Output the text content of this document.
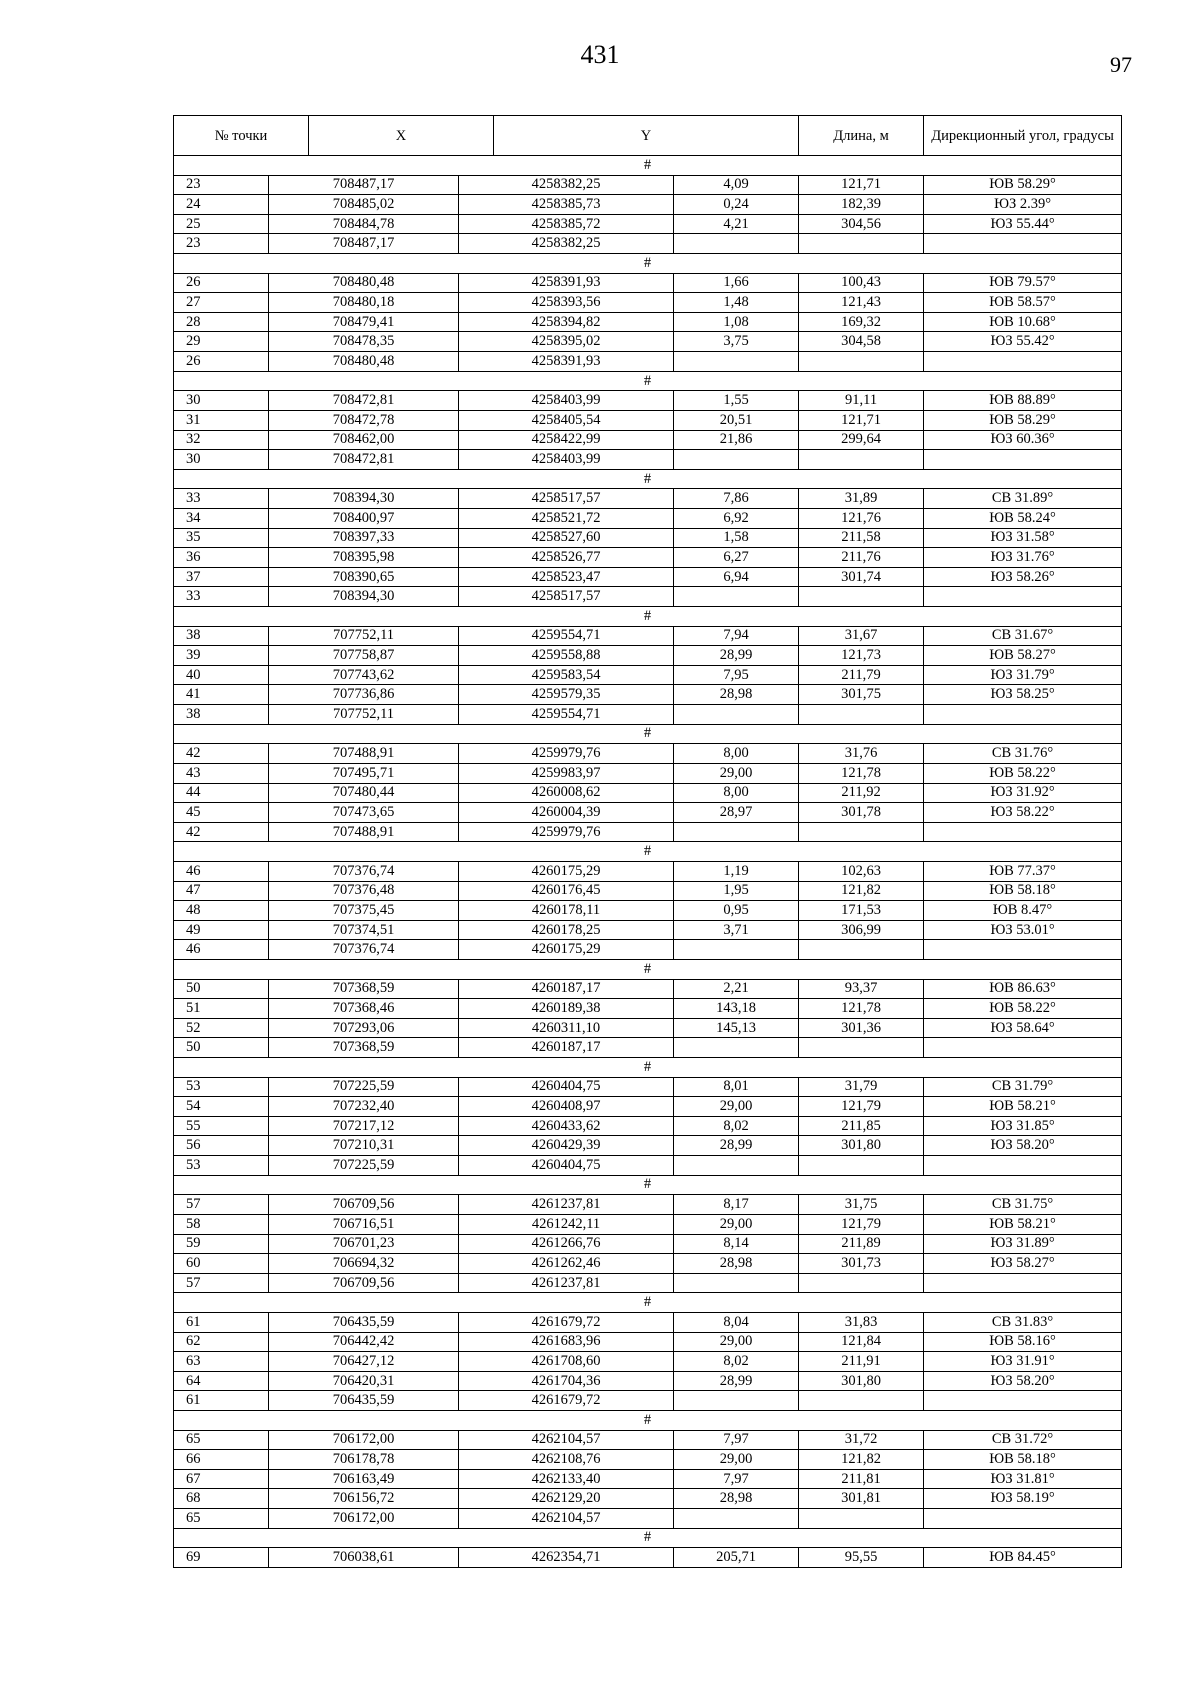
431	97
№ точки		X		Y		Длина, м	Дирекционный угол, градусы	
#								
23	708487,17		4258382,25		4,09	121,71	ЮВ 58.29°	
24	708485,02		4258385,73		0,24	182,39	ЮЗ 2.39°	
25	708484,78		4258385,72		4,21	304,56	ЮЗ 55.44°	
23	708487,17		4258382,25					
#								
26	708480,48		4258391,93		1,66	100,43	ЮВ 79.57°	
27	708480,18		4258393,56		1,48	121,43	ЮВ 58.57°	
28	708479,41		4258394,82		1,08	169,32	ЮВ 10.68°	
29	708478,35		4258395,02		3,75	304,58	ЮЗ 55.42°	
26	708480,48		4258391,93					
#								
30	708472,81		4258403,99		1,55	91,11	ЮВ 88.89°	
31	708472,78		4258405,54		20,51	121,71	ЮВ 58.29°	
32	708462,00		4258422,99		21,86	299,64	ЮЗ 60.36°	
30	708472,81		4258403,99					
#								
33	708394,30		4258517,57		7,86	31,89	СВ 31.89°	
34	708400,97		4258521,72		6,92	121,76	ЮВ 58.24°	
35	708397,33		4258527,60		1,58	211,58	ЮЗ 31.58°	
36	708395,98		4258526,77		6,27	211,76	ЮЗ 31.76°	
37	708390,65		4258523,47		6,94	301,74	ЮЗ 58.26°	
33	708394,30		4258517,57					
#								
38	707752,11		4259554,71		7,94	31,67	СВ 31.67°	
39	707758,87		4259558,88		28,99	121,73	ЮВ 58.27°	
40	707743,62		4259583,54		7,95	211,79	ЮЗ 31.79°	
41	707736,86		4259579,35		28,98	301,75	ЮЗ 58.25°	
38	707752,11		4259554,71					
#								
42	707488,91		4259979,76		8,00	31,76	СВ 31.76°	
43	707495,71		4259983,97		29,00	121,78	ЮВ 58.22°	
44	707480,44		4260008,62		8,00	211,92	ЮЗ 31.92°	
45	707473,65		4260004,39		28,97	301,78	ЮЗ 58.22°	
42	707488,91		4259979,76					
#								
46	707376,74		4260175,29		1,19	102,63	ЮВ 77.37°	
47	707376,48		4260176,45		1,95	121,82	ЮВ 58.18°	
48	707375,45		4260178,11		0,95	171,53	ЮВ 8.47°	
49	707374,51		4260178,25		3,71	306,99	ЮЗ 53.01°	
46	707376,74		4260175,29					
#								
50	707368,59		4260187,17		2,21	93,37	ЮВ 86.63°	
51	707368,46		4260189,38		143,18	121,78	ЮВ 58.22°	
52	707293,06		4260311,10		145,13	301,36	ЮЗ 58.64°	
50	707368,59		4260187,17					
#								
53	707225,59		4260404,75		8,01	31,79	СВ 31.79°	
54	707232,40		4260408,97		29,00	121,79	ЮВ 58.21°	
55	707217,12		4260433,62		8,02	211,85	ЮЗ 31.85°	
56	707210,31		4260429,39		28,99	301,80	ЮЗ 58.20°	
53	707225,59		4260404,75					
#								
57	706709,56		4261237,81		8,17	31,75	СВ 31.75°	
58	706716,51		4261242,11		29,00	121,79	ЮВ 58.21°	
59	706701,23		4261266,76		8,14	211,89	ЮЗ 31.89°	
60	706694,32		4261262,46		28,98	301,73	ЮЗ 58.27°	
57	706709,56		4261237,81					
#								
61	706435,59		4261679,72		8,04	31,83	СВ 31.83°	
62	706442,42		4261683,96		29,00	121,84	ЮВ 58.16°	
63	706427,12		4261708,60		8,02	211,91	ЮЗ 31.91°	
64	706420,31		4261704,36		28,99	301,80	ЮЗ 58.20°	
61	706435,59		4261679,72					
#								
65	706172,00		4262104,57		7,97	31,72	СВ 31.72°	
66	706178,78		4262108,76		29,00	121,82	ЮВ 58.18°	
67	706163,49		4262133,40		7,97	211,81	ЮЗ 31.81°	
68	706156,72		4262129,20		28,98	301,81	ЮЗ 58.19°	
65	706172,00		4262104,57					
#								
69	706038,61		4262354,71		205,71	95,55	ЮВ 84.45°	
